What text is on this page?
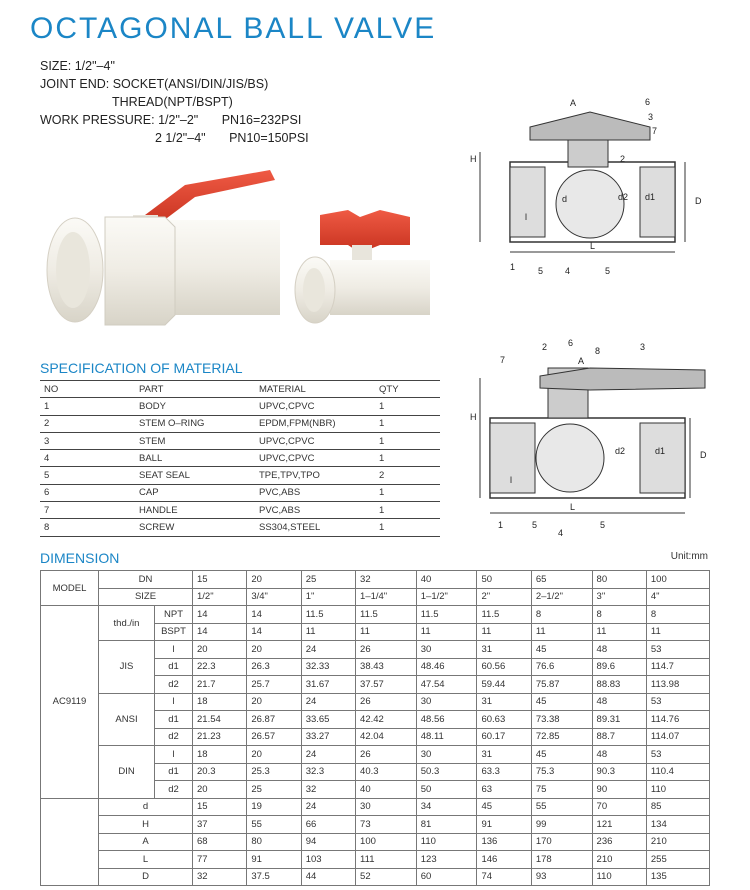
OCTAGONAL BALL VALVE
SIZE: 1/2"–4"
JOINT END: SOCKET(ANSI/DIN/JIS/BS)
THREAD(NPT/BSPT)
WORK PRESSURE: 1/2"–2" PN16=232PSI
2 1/2"–4" PN10=150PSI
H
D
A	6
3
7
2
d	d2 d1
l
L
1	5 4	5
H
D
7
2 6
8	3
d2	d1
l
L
1	5
4
5
A
SPECIFICATION OF MATERIAL
NO	PART	MATERIAL	QTY
1	BODY	UPVC,CPVC	1
2	STEM O–RING	EPDM,FPM(NBR)	1
3	STEM	UPVC,CPVC	1
4	BALL	UPVC,CPVC	1
5	SEAT SEAL	TPE,TPV,TPO	2
6	CAP	PVC,ABS	1
7	HANDLE	PVC,ABS	1
8	SCREW	SS304,STEEL	1
DIMENSION	Unit:mm
MODEL	DN		15	20	25	32	40	50	65	80	100
	SIZE		1/2"	3/4"	1"	1–1/4"	1–1/2"	2"	2–1/2"	3"	4"
AC9119	thd./in	NPT	14	14	11.5	11.5	11.5	11.5	8	8	8
		BSPT	14	14	11	11	11	11	11	11	11
	JIS	l	20	20	24	26	30	31	45	48	53
		d1	22.3	26.3	32.33	38.43	48.46	60.56	76.6	89.6	114.7
		d2	21.7	25.7	31.67	37.57	47.54	59.44	75.87	88.83	113.98
	ANSI	l	18	20	24	26	30	31	45	48	53
		d1	21.54	26.87	33.65	42.42	48.56	60.63	73.38	89.31	114.76
		d2	21.23	26.57	33.27	42.04	48.11	60.17	72.85	88.7	114.07
	DIN	l	18	20	24	26	30	31	45	48	53
		d1	20.3	25.3	32.3	40.3	50.3	63.3	75.3	90.3	110.4
		d2	20	25	32	40	50	63	75	90	110
	d		15	19	24	30	34	45	55	70	85
	H		37	55	66	73	81	91	99	121	134
	A		68	80	94	100	110	136	170	236	210
	L		77	91	103	111	123	146	178	210	255
	D		32	37.5	44	52	60	74	93	110	135
